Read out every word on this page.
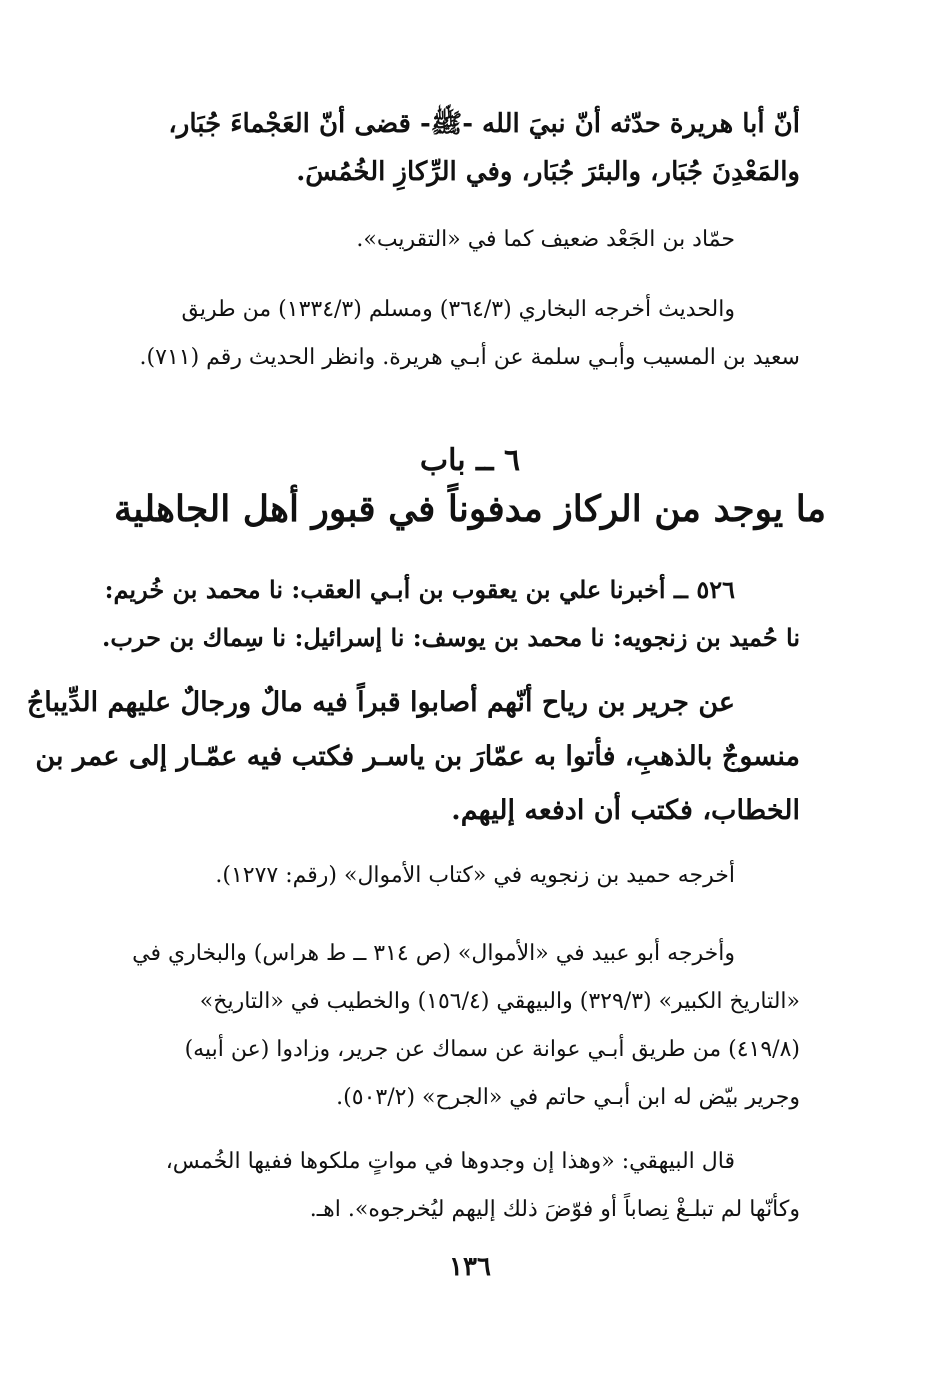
أنّ أبا هريرة حدّثه أنّ نبيَ الله -ﷺ- قضى أنّ العَجْماءَ جُبَار،
والمَعْدِنَ جُبَار، والبئرَ جُبَار، وفي الرِّكازِ الخُمُسَ.

حمّاد بن الجَعْد ضعيف كما في «التقريب».

والحديث أخرجه البخاري (٣٦٤/٣) ومسلم (١٣٣٤/٣) من طريق
سعيد بن المسيب وأبـي سلمة عن أبـي هريرة. وانظر الحديث رقم (٧١١).
٦ ــ باب
ما يوجد من الركاز مدفوناً في قبور أهل الجاهلية
٥٢٦ ــ أخبرنا علي بن يعقوب بن أبـي العقب: نا محمد بن خُريم:
نا حُميد بن زنجويه: نا محمد بن يوسف: نا إسرائيل: نا سِماك بن حرب.
عن جرير بن رياح أنّهم أصابوا قبراً فيه مالٌ ورجالٌ عليهم الدِّيباجُ
منسوجٌ بالذهبِ، فأتوا به عمّارَ بن ياسـر فكتب فيه عمّـار إلى عمر بن
الخطاب، فكتب أن ادفعه إليهم.

أخرجه حميد بن زنجويه في «كتاب الأموال» (رقم: ١٢٧٧).

وأخرجه أبو عبيد في «الأموال» (ص ٣١٤ ــ ط هراس) والبخاري في
«التاريخ الكبير» (٣٢٩/٣) والبيهقي (١٥٦/٤) والخطيب في «التاريخ»
(٤١٩/٨) من طريق أبـي عوانة عن سماك عن جرير، وزادوا (عن أبيه)
وجرير بيّض له ابن أبـي حاتم في «الجرح» (٥٠٣/٢).
قال البيهقي: «وهذا إن وجدوها في مواتٍ ملكوها ففيها الخُمس،
وكأنّها لم تبلـغْ نِصاباً أو فوّضَ ذلك إليهم ليُخرجوه». اهـ.
١٣٦
